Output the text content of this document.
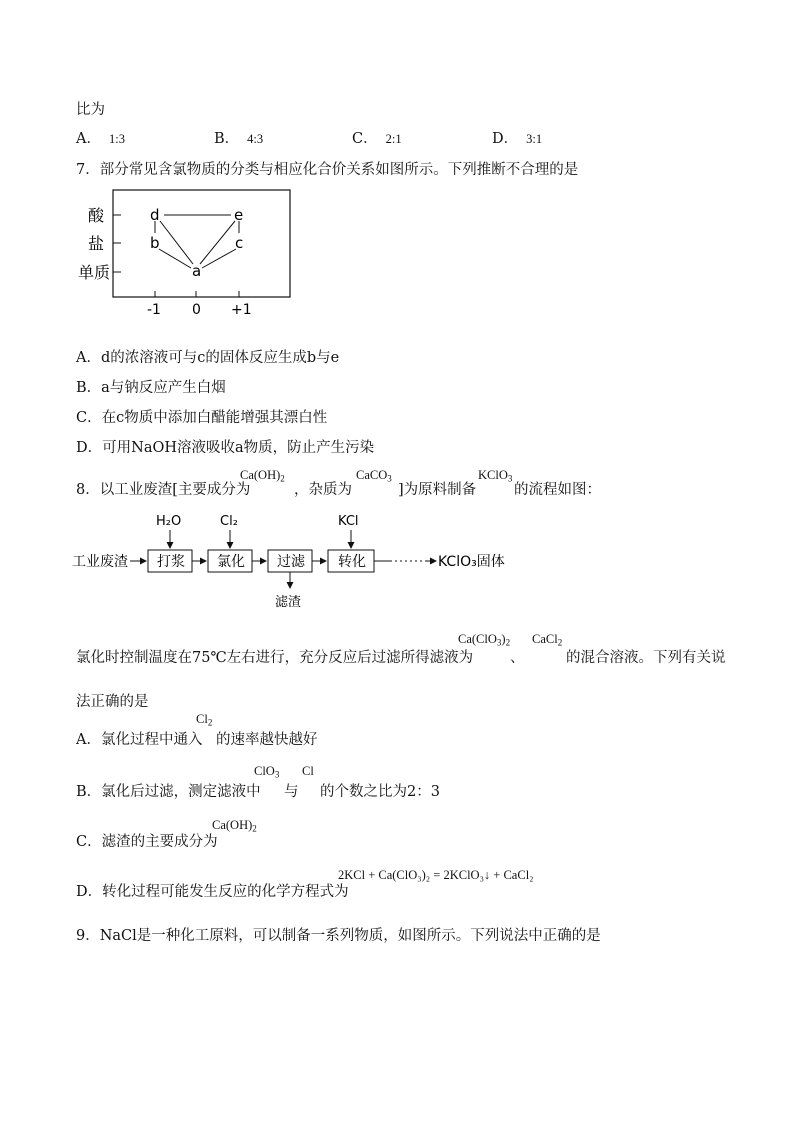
比为
A． 1:3	B． 4:3	C． 2:1	D． 3:1
7．部分常见含氯物质的分类与相应化合价关系如图所示。下列推断不合理的是
酸
盐
单质
-1 0 +1
d	e
b	c
a
A．d的浓溶液可与c的固体反应生成b与e
B．a与钠反应产生白烟
C．在c物质中添加白醋能增强其漂白性
D．可用NaOH溶液吸收a物质，防止产生污染
8．以工业废渣[主要成分为
$Ca(OH)_2$
，杂质为
CaCO$_3$
]为原料制备
KClO$_3$
的流程如图：
工业废渣 打浆 氯化 过滤 转化	KClO₃固体
H₂O	Cl₂	KCl
滤渣
氯化时控制温度在75℃左右进行，充分反应后过滤所得滤液为
$Ca(ClO_3)_2$
、
CaCl$_2$
的混合溶液。下列有关说
法正确的是
A．氯化过程中通入
$Cl_2$
的速率越快越好
B．氯化后过滤，测定滤液中
ClO$_3$
与
Cl
的个数之比为2：3
C．滤渣的主要成分为
$Ca(OH)_2$
D．转化过程可能发生反应的化学方程式为
2KCl + Ca(ClO₃)₂ = 2KClO₃↓ + CaCl₂
9．NaCl是一种化工原料，可以制备一系列物质，如图所示。下列说法中正确的是
